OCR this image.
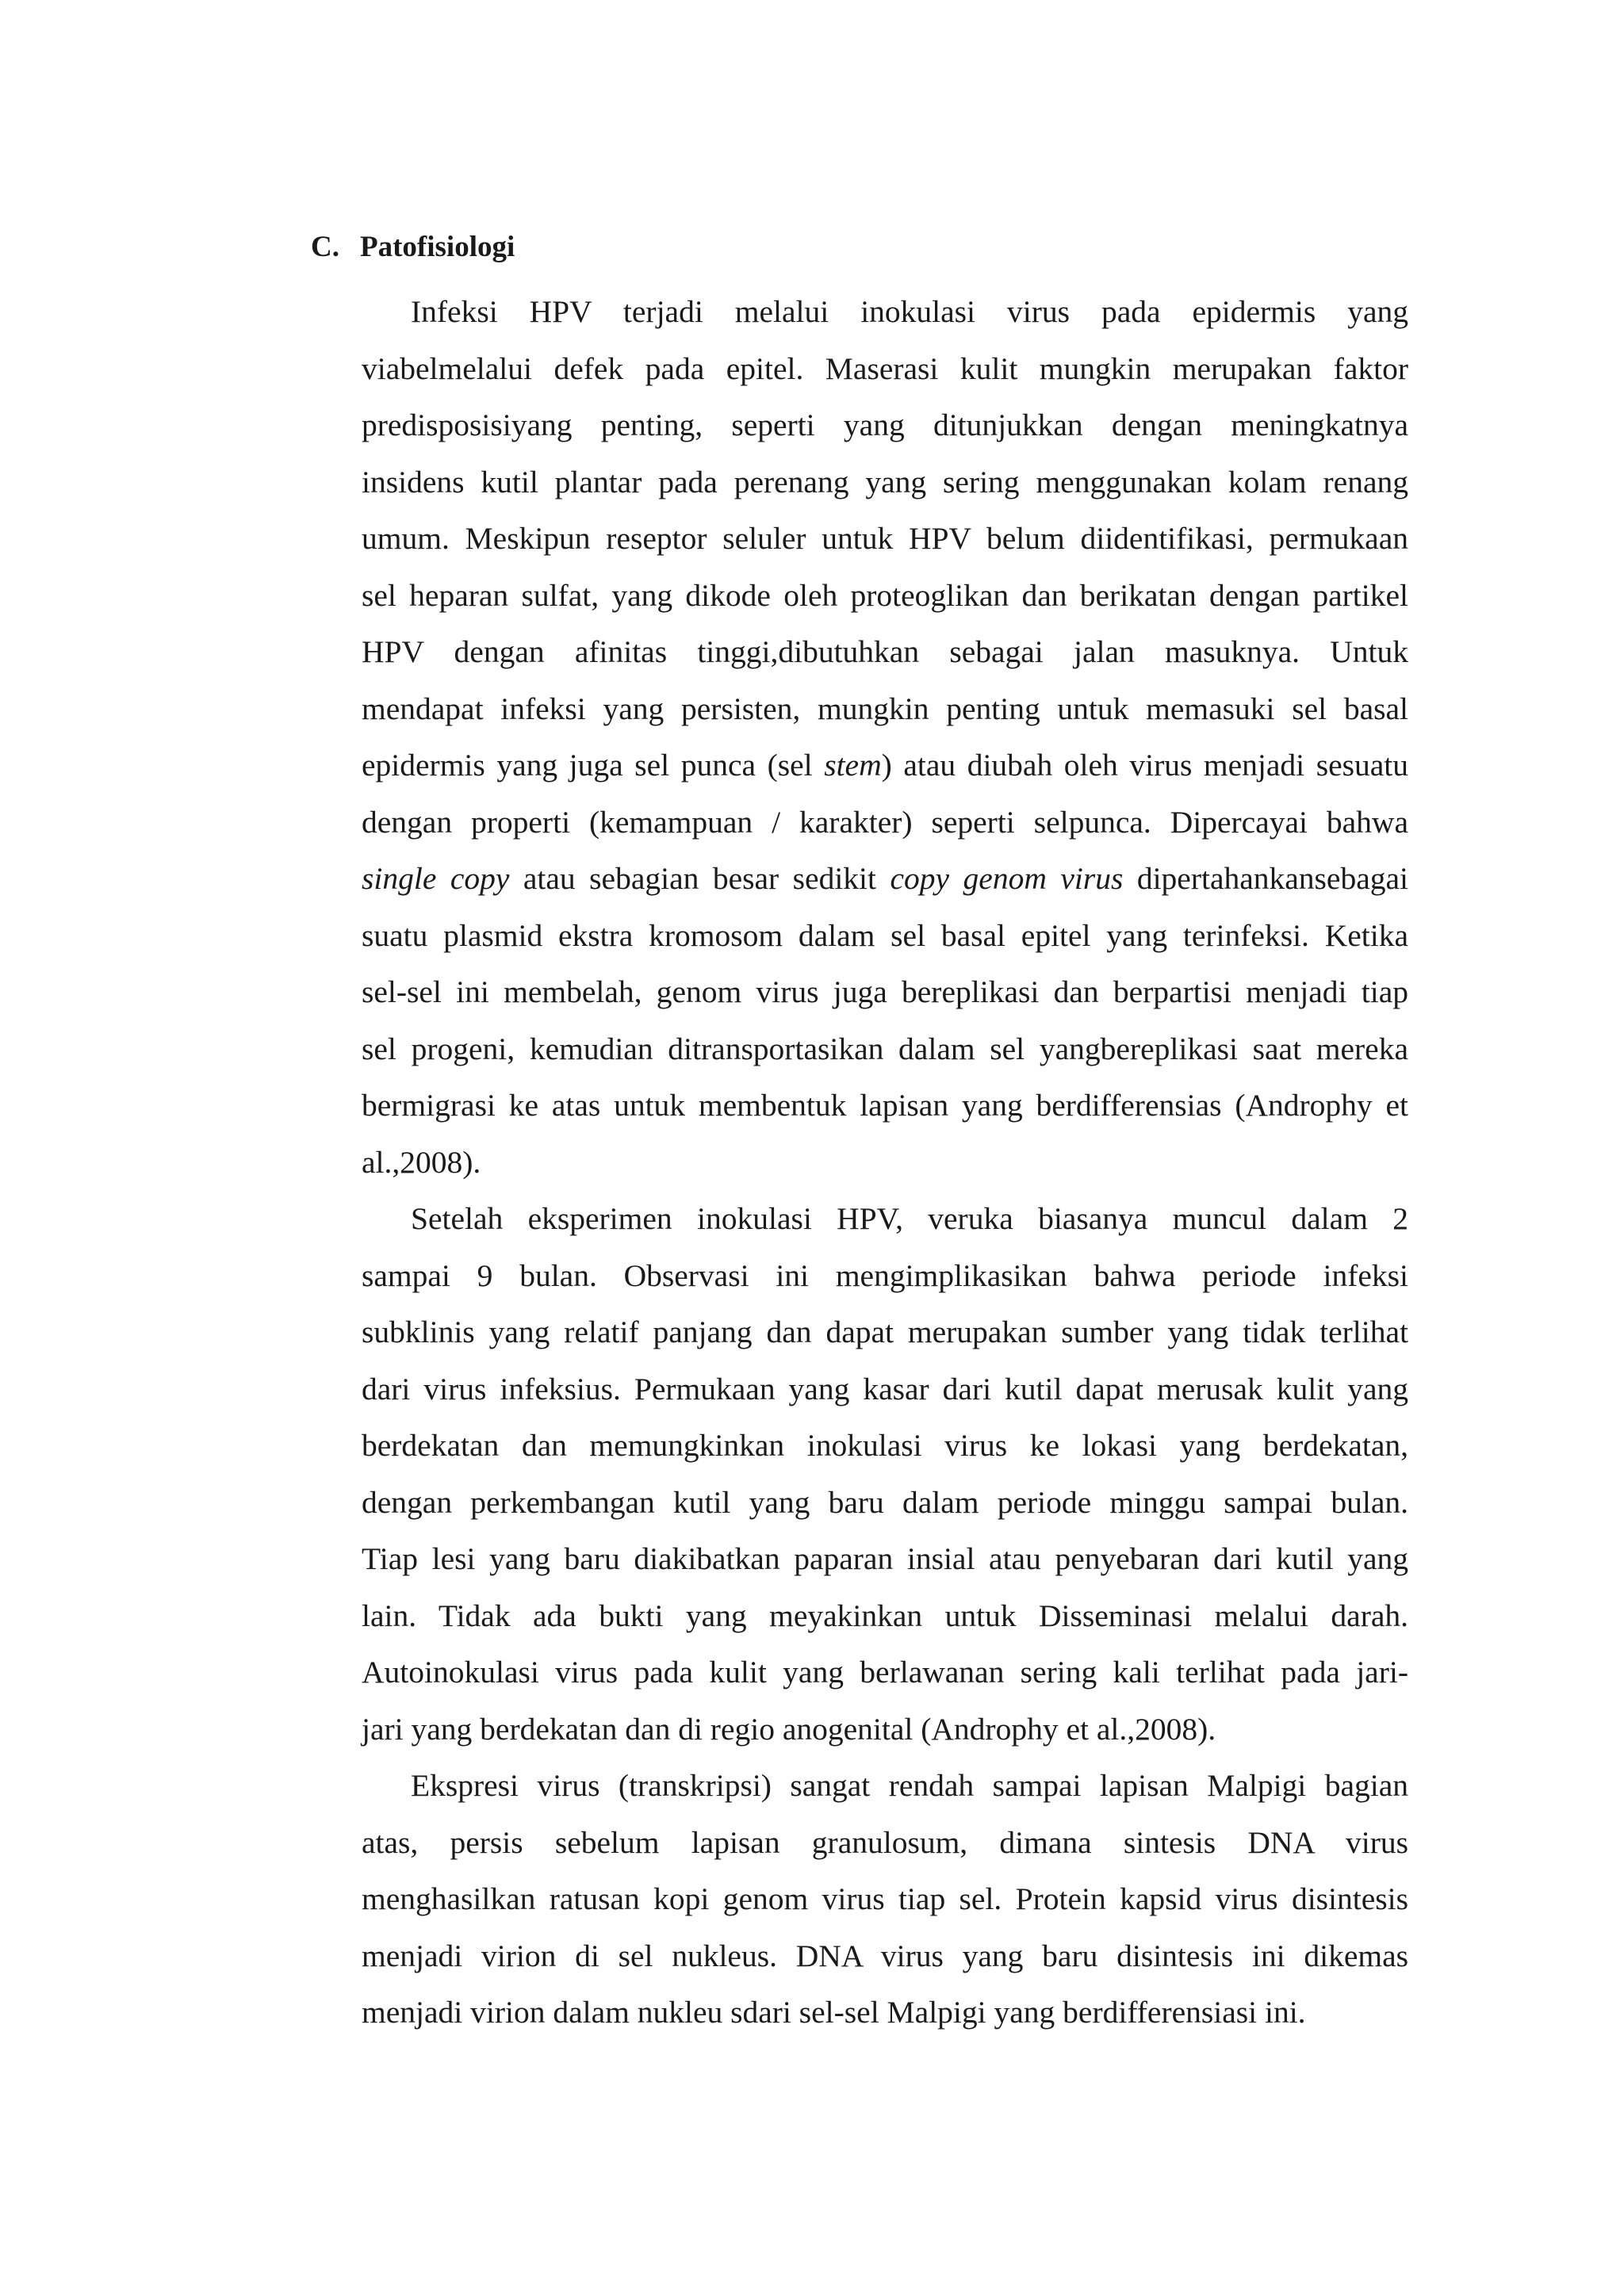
C. Patofisiologi
Infeksi HPV terjadi melalui inokulasi virus pada epidermis yang
viabelmelalui defek pada epitel. Maserasi kulit mungkin merupakan faktor
predisposisiyang penting, seperti yang ditunjukkan dengan meningkatnya
insidens kutil plantar pada perenang yang sering menggunakan kolam renang
umum. Meskipun reseptor seluler untuk HPV belum diidentifikasi, permukaan
sel heparan sulfat, yang dikode oleh proteoglikan dan berikatan dengan partikel
HPV dengan afinitas tinggi,dibutuhkan sebagai jalan masuknya. Untuk
mendapat infeksi yang persisten, mungkin penting untuk memasuki sel basal
epidermis yang juga sel punca (sel stem) atau diubah oleh virus menjadi sesuatu
dengan properti (kemampuan / karakter) seperti selpunca. Dipercayai bahwa
single copy atau sebagian besar sedikit copy genom virus dipertahankansebagai
suatu plasmid ekstra kromosom dalam sel basal epitel yang terinfeksi. Ketika
sel-sel ini membelah, genom virus juga bereplikasi dan berpartisi menjadi tiap
sel progeni, kemudian ditransportasikan dalam sel yangbereplikasi saat mereka
bermigrasi ke atas untuk membentuk lapisan yang berdifferensias (Androphy et
al.,2008).
Setelah eksperimen inokulasi HPV, veruka biasanya muncul dalam 2
sampai 9 bulan. Observasi ini mengimplikasikan bahwa periode infeksi
subklinis yang relatif panjang dan dapat merupakan sumber yang tidak terlihat
dari virus infeksius. Permukaan yang kasar dari kutil dapat merusak kulit yang
berdekatan dan memungkinkan inokulasi virus ke lokasi yang berdekatan,
dengan perkembangan kutil yang baru dalam periode minggu sampai bulan.
Tiap lesi yang baru diakibatkan paparan insial atau penyebaran dari kutil yang
lain. Tidak ada bukti yang meyakinkan untuk Disseminasi melalui darah.
Autoinokulasi virus pada kulit yang berlawanan sering kali terlihat pada jari-
jari yang berdekatan dan di regio anogenital (Androphy et al.,2008).
Ekspresi virus (transkripsi) sangat rendah sampai lapisan Malpigi bagian
atas, persis sebelum lapisan granulosum, dimana sintesis DNA virus
menghasilkan ratusan kopi genom virus tiap sel. Protein kapsid virus disintesis
menjadi virion di sel nukleus. DNA virus yang baru disintesis ini dikemas
menjadi virion dalam nukleu sdari sel-sel Malpigi yang berdifferensiasi ini.
